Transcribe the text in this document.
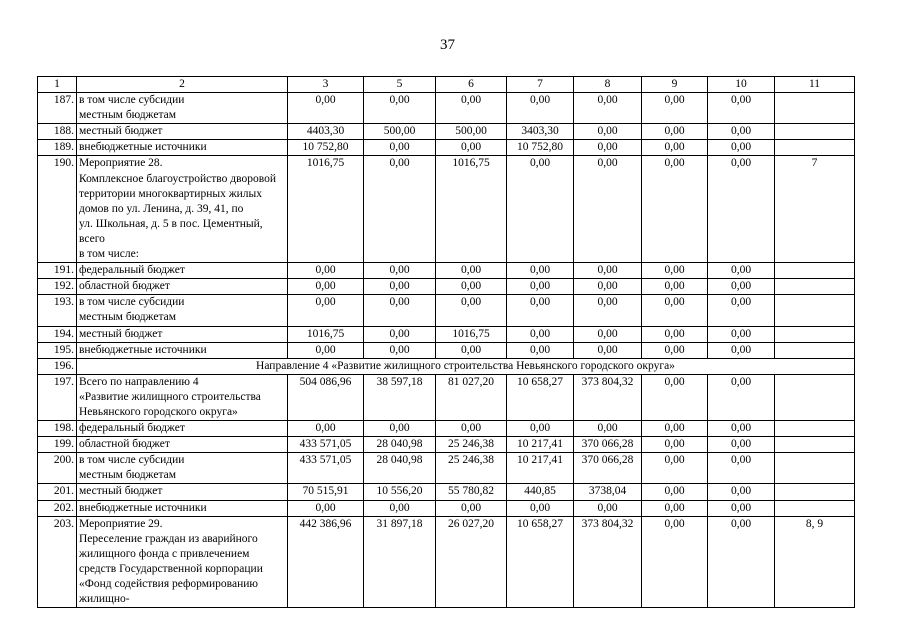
37
1	2	3	5	6	7	8	9	10	11
187.	в том числе субсидии
местным бюджетам	0,00	0,00	0,00	0,00	0,00	0,00	0,00	
188.	местный бюджет	4403,30	500,00	500,00	3403,30	0,00	0,00	0,00	
189.	внебюджетные источники	10 752,80	0,00	0,00	10 752,80	0,00	0,00	0,00	
190.	Мероприятие 28.
Комплексное благоустройство дворовой территории многоквартирных жилых домов по ул. Ленина, д. 39, 41, по
ул. Школьная, д. 5 в пос. Цементный, всего
в том числе:	1016,75	0,00	1016,75	0,00	0,00	0,00	0,00	7
191.	федеральный бюджет	0,00	0,00	0,00	0,00	0,00	0,00	0,00	
192.	областной бюджет	0,00	0,00	0,00	0,00	0,00	0,00	0,00	
193.	в том числе субсидии
местным бюджетам	0,00	0,00	0,00	0,00	0,00	0,00	0,00	
194.	местный бюджет	1016,75	0,00	1016,75	0,00	0,00	0,00	0,00	
195.	внебюджетные источники	0,00	0,00	0,00	0,00	0,00	0,00	0,00	
196.	Направление 4 «Развитие жилищного строительства Невьянского городского округа»								
197.	Всего по направлению 4
«Развитие жилищного строительства Невьянского городского округа»	504 086,96	38 597,18	81 027,20	10 658,27	373 804,32	0,00	0,00	
198.	федеральный бюджет	0,00	0,00	0,00	0,00	0,00	0,00	0,00	
199.	областной бюджет	433 571,05	28 040,98	25 246,38	10 217,41	370 066,28	0,00	0,00	
200.	в том числе субсидии
местным бюджетам	433 571,05	28 040,98	25 246,38	10 217,41	370 066,28	0,00	0,00	
201.	местный бюджет	70 515,91	10 556,20	55 780,82	440,85	3738,04	0,00	0,00	
202.	внебюджетные источники	0,00	0,00	0,00	0,00	0,00	0,00	0,00	
203.	Мероприятие 29.
Переселение граждан из аварийного жилищного фонда с привлечением средств Государственной корпорации «Фонд содействия реформированию жилищно-	442 386,96	31 897,18	26 027,20	10 658,27	373 804,32	0,00	0,00	8, 9
